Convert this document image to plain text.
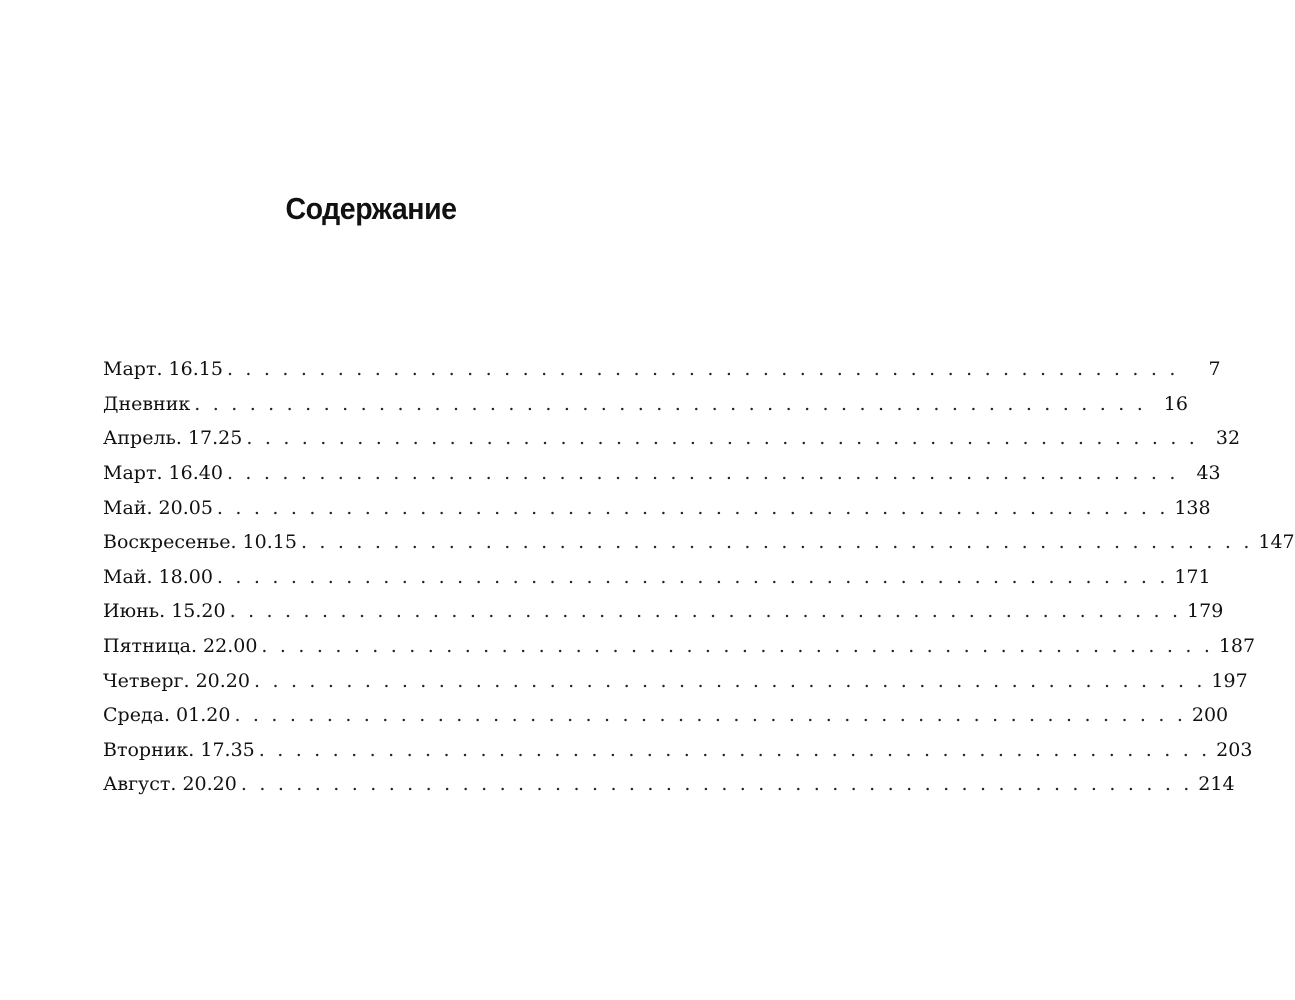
Содержание
Март. 16.15 . . . . . . . . . . . . . . . . . . . . . . . . . . . . . . . . . . . . . . . . . . . . . . . . . . . .	7
Дневник . . . . . . . . . . . . . . . . . . . . . . . . . . . . . . . . . . . . . . . . . . . . . . . . . . . . 16
Апрель. 17.25 . . . . . . . . . . . . . . . . . . . . . . . . . . . . . . . . . . . . . . . . . . . . . . . . . . . . 32
Март. 16.40 . . . . . . . . . . . . . . . . . . . . . . . . . . . . . . . . . . . . . . . . . . . . . . . . . . . . 43
Май. 20.05 . . . . . . . . . . . . . . . . . . . . . . . . . . . . . . . . . . . . . . . . . . . . . . . . . . . . 138
Воскресенье. 10.15 . . . . . . . . . . . . . . . . . . . . . . . . . . . . . . . . . . . . . . . . . . . . . . . . . . . . 147
Май. 18.00 . . . . . . . . . . . . . . . . . . . . . . . . . . . . . . . . . . . . . . . . . . . . . . . . . . . . 171
Июнь. 15.20 . . . . . . . . . . . . . . . . . . . . . . . . . . . . . . . . . . . . . . . . . . . . . . . . . . . . 179
Пятница. 22.00 . . . . . . . . . . . . . . . . . . . . . . . . . . . . . . . . . . . . . . . . . . . . . . . . . . . . 187
Четверг. 20.20 . . . . . . . . . . . . . . . . . . . . . . . . . . . . . . . . . . . . . . . . . . . . . . . . . . . . 197
Среда. 01.20 . . . . . . . . . . . . . . . . . . . . . . . . . . . . . . . . . . . . . . . . . . . . . . . . . . . . 200
Вторник. 17.35 . . . . . . . . . . . . . . . . . . . . . . . . . . . . . . . . . . . . . . . . . . . . . . . . . . . . 203
Август. 20.20 . . . . . . . . . . . . . . . . . . . . . . . . . . . . . . . . . . . . . . . . . . . . . . . . . . . . 214
